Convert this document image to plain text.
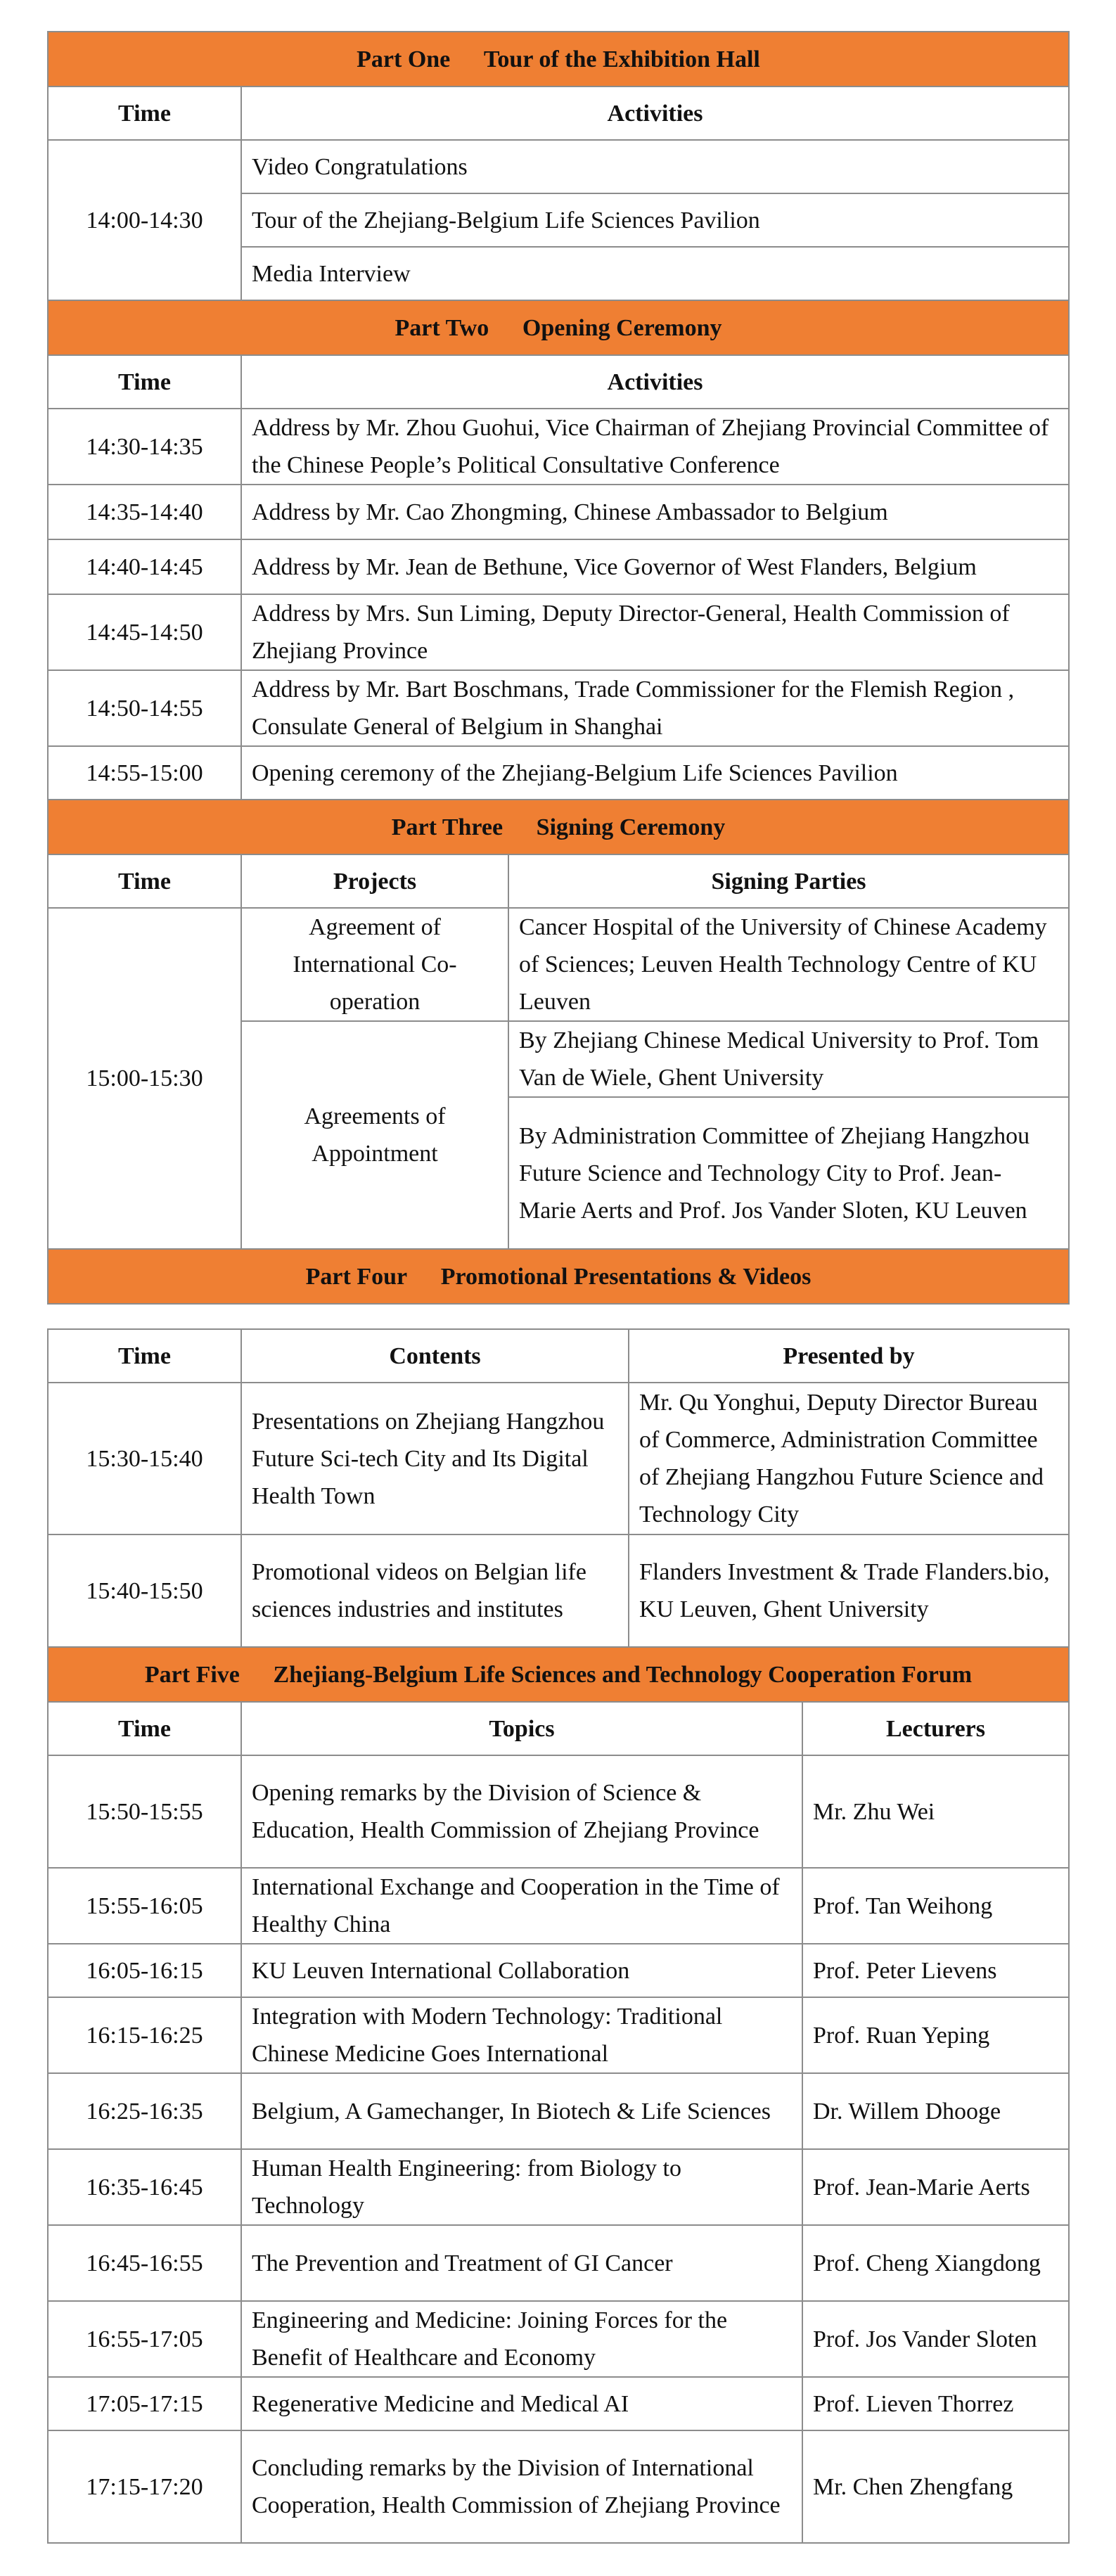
Part One Tour of the Exhibition Hall		
Time	Activities	
14:00-14:30	Video Congratulations	
	Tour of the Zhejiang-Belgium Life Sciences Pavilion	
	Media Interview	
Part Two Opening Ceremony		
Time	Activities	
14:30-14:35	Address by Mr. Zhou Guohui, Vice Chairman of Zhejiang Provincial Committee of the Chinese People’s Political Consultative Conference	
14:35-14:40	Address by Mr. Cao Zhongming, Chinese Ambassador to Belgium	
14:40-14:45	Address by Mr. Jean de Bethune, Vice Governor of West Flanders, Belgium	
14:45-14:50	Address by Mrs. Sun Liming, Deputy Director-General, Health Commission of Zhejiang Province	
14:50-14:55	Address by Mr. Bart Boschmans, Trade Commissioner for the Flemish Region , Consulate General of Belgium in Shanghai	
14:55-15:00	Opening ceremony of the Zhejiang-Belgium Life Sciences Pavilion	
Part Three Signing Ceremony		
Time	Projects	Signing Parties
15:00-15:30	Agreement of International Co-operation	Cancer Hospital of the University of Chinese Academy of Sciences; Leuven Health Technology Centre of KU Leuven
	Agreements of Appointment	By Zhejiang Chinese Medical University to Prof. Tom Van de Wiele, Ghent University
		By Administration Committee of Zhejiang Hangzhou Future Science and Technology City to Prof. Jean-Marie Aerts and Prof. Jos Vander Sloten, KU Leuven
Part Four Promotional Presentations & Videos		
Time	Contents	Presented by	
15:30-15:40	Presentations on Zhejiang Hangzhou Future Sci-tech City and Its Digital Health Town	Mr. Qu Yonghui, Deputy Director Bureau of Commerce, Administration Committee of Zhejiang Hangzhou Future Science and Technology City	
15:40-15:50	Promotional videos on Belgian life sciences industries and institutes	Flanders Investment & Trade Flanders.bio, KU Leuven, Ghent University	
Part Five Zhejiang-Belgium Life Sciences and Technology Cooperation Forum			
Time	Topics		Lecturers
15:50-15:55	Opening remarks by the Division of Science & Education, Health Commission of Zhejiang Province		Mr. Zhu Wei
15:55-16:05	International Exchange and Cooperation in the Time of Healthy China		Prof. Tan Weihong
16:05-16:15	KU Leuven International Collaboration		Prof. Peter Lievens
16:15-16:25	Integration with Modern Technology: Traditional Chinese Medicine Goes International		Prof. Ruan Yeping
16:25-16:35	Belgium, A Gamechanger, In Biotech & Life Sciences		Dr. Willem Dhooge
16:35-16:45	Human Health Engineering: from Biology to Technology		Prof. Jean-Marie Aerts
16:45-16:55	The Prevention and Treatment of GI Cancer		Prof. Cheng Xiangdong
16:55-17:05	Engineering and Medicine: Joining Forces for the Benefit of Healthcare and Economy		Prof. Jos Vander Sloten
17:05-17:15	Regenerative Medicine and Medical AI		Prof. Lieven Thorrez
17:15-17:20	Concluding remarks by the Division of International Cooperation, Health Commission of Zhejiang Province		Mr. Chen Zhengfang
